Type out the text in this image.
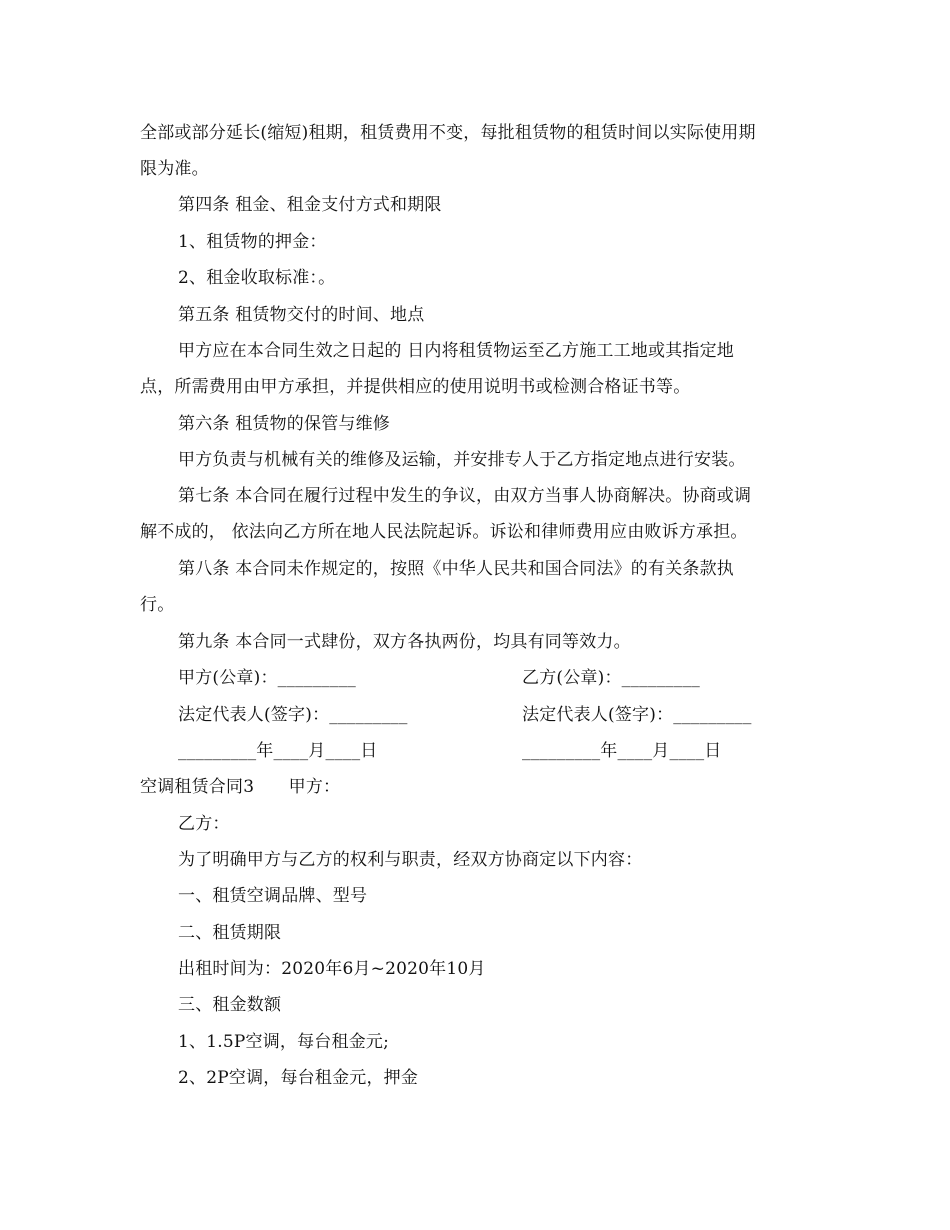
全部或部分延长(缩短)租期，租赁费用不变，每批租赁物的租赁时间以实际使用期
限为准。
第四条 租金、租金支付方式和期限
1、租赁物的押金：
2、租金收取标准：。
第五条 租赁物交付的时间、地点
甲方应在本合同生效之日起的 日内将租赁物运至乙方施工工地或其指定地
点，所需费用由甲方承担，并提供相应的使用说明书或检测合格证书等。
第六条 租赁物的保管与维修
甲方负责与机械有关的维修及运输，并安排专人于乙方指定地点进行安装。
第七条 本合同在履行过程中发生的争议，由双方当事人协商解决。协商或调
解不成的， 依法向乙方所在地人民法院起诉。诉讼和律师费用应由败诉方承担。
第八条 本合同未作规定的，按照《中华人民共和国合同法》的有关条款执
行。
第九条 本合同一式肆份，双方各执两份，均具有同等效力。
甲方(公章)：_________	乙方(公章)：_________
法定代表人(签字)：_________	法定代表人(签字)：_________
_________年____月____日	_________年____月____日
空调租赁合同3　　甲方：
乙方：
为了明确甲方与乙方的权利与职责，经双方协商定以下内容：
一、租赁空调品牌、型号
二、租赁期限
出租时间为：2020年6月~2020年10月
三、租金数额
1、1.5P空调，每台租金元;
2、2P空调，每台租金元，押金
